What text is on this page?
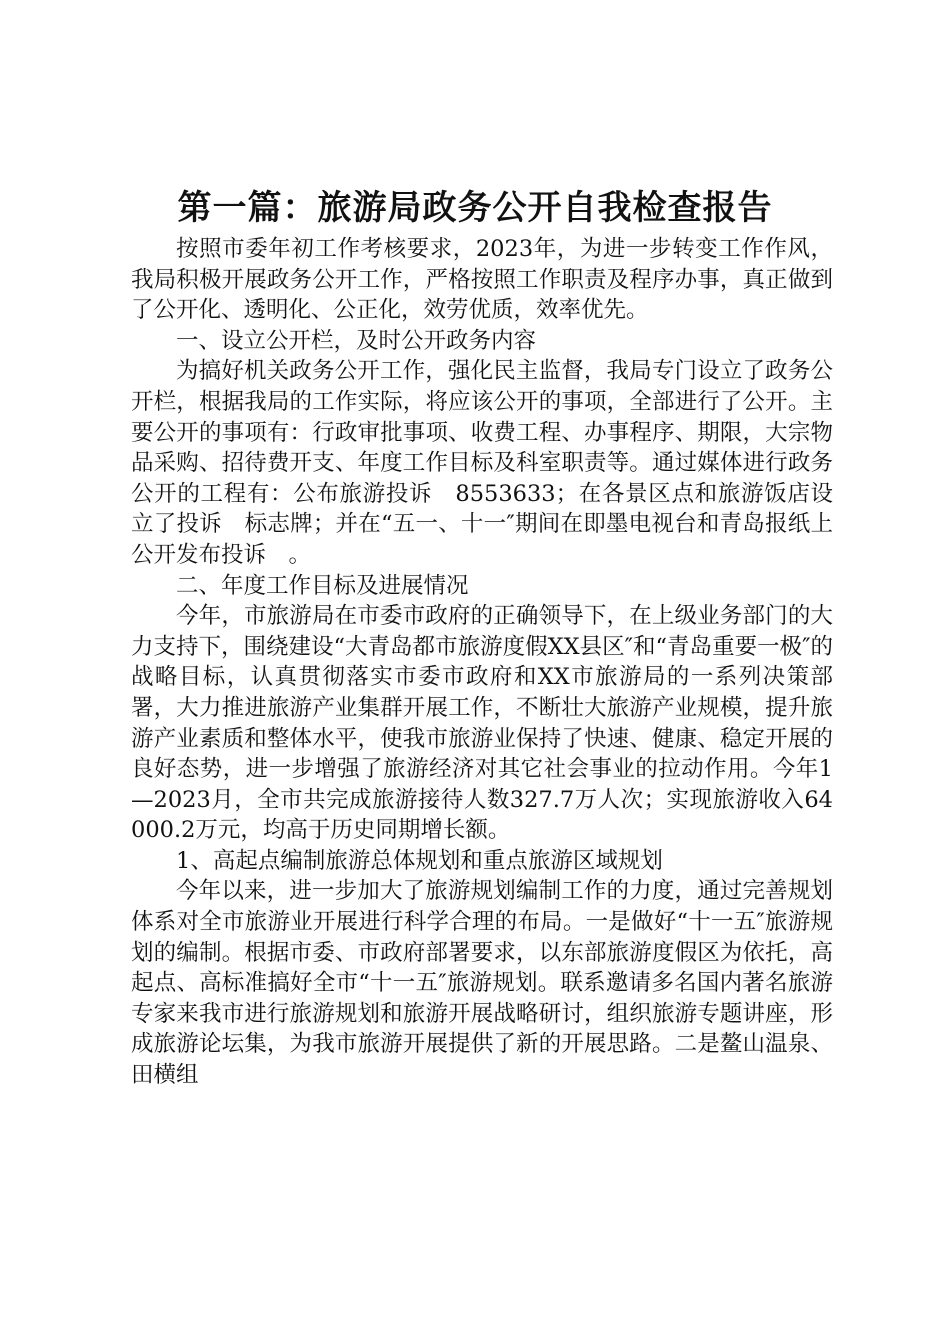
第一篇：旅游局政务公开自我检查报告

按照市委年初工作考核要求，2023年，为进一步转变工作作风，我局积极开展政务公开工作，严格按照工作职责及程序办事，真正做到了公开化、透明化、公正化，效劳优质，效率优先。

一、设立公开栏，及时公开政务内容

为搞好机关政务公开工作，强化民主监督，我局专门设立了政务公开栏，根据我局的工作实际，将应该公开的事项，全部进行了公开。主要公开的事项有：行政审批事项、收费工程、办事程序、期限，大宗物品采购、招待费开支、年度工作目标及科室职责等。通过媒体进行政务公开的工程有：公布旅游投诉　8553633；在各景区点和旅游饭店设立了投诉　标志牌；并在“五一、十一″期间在即墨电视台和青岛报纸上公开发布投诉　。

二、年度工作目标及进展情况

今年，市旅游局在市委市政府的正确领导下，在上级业务部门的大力支持下，围绕建设“大青岛都市旅游度假XX县区″和“青岛重要一极″的战略目标，认真贯彻落实市委市政府和XX市旅游局的一系列决策部署，大力推进旅游产业集群开展工作，不断壮大旅游产业规模，提升旅游产业素质和整体水平，使我市旅游业保持了快速、健康、稳定开展的良好态势，进一步增强了旅游经济对其它社会事业的拉动作用。今年1—2023月，全市共完成旅游接待人数327.7万人次；实现旅游收入64000.2万元，均高于历史同期增长额。

1、高起点编制旅游总体规划和重点旅游区域规划

今年以来，进一步加大了旅游规划编制工作的力度，通过完善规划体系对全市旅游业开展进行科学合理的布局。一是做好“十一五″旅游规划的编制。根据市委、市政府部署要求，以东部旅游度假区为依托，高起点、高标准搞好全市“十一五″旅游规划。联系邀请多名国内著名旅游专家来我市进行旅游规划和旅游开展战略研讨，组织旅游专题讲座，形成旅游论坛集，为我市旅游开展提供了新的开展思路。二是鳌山温泉、田横组
